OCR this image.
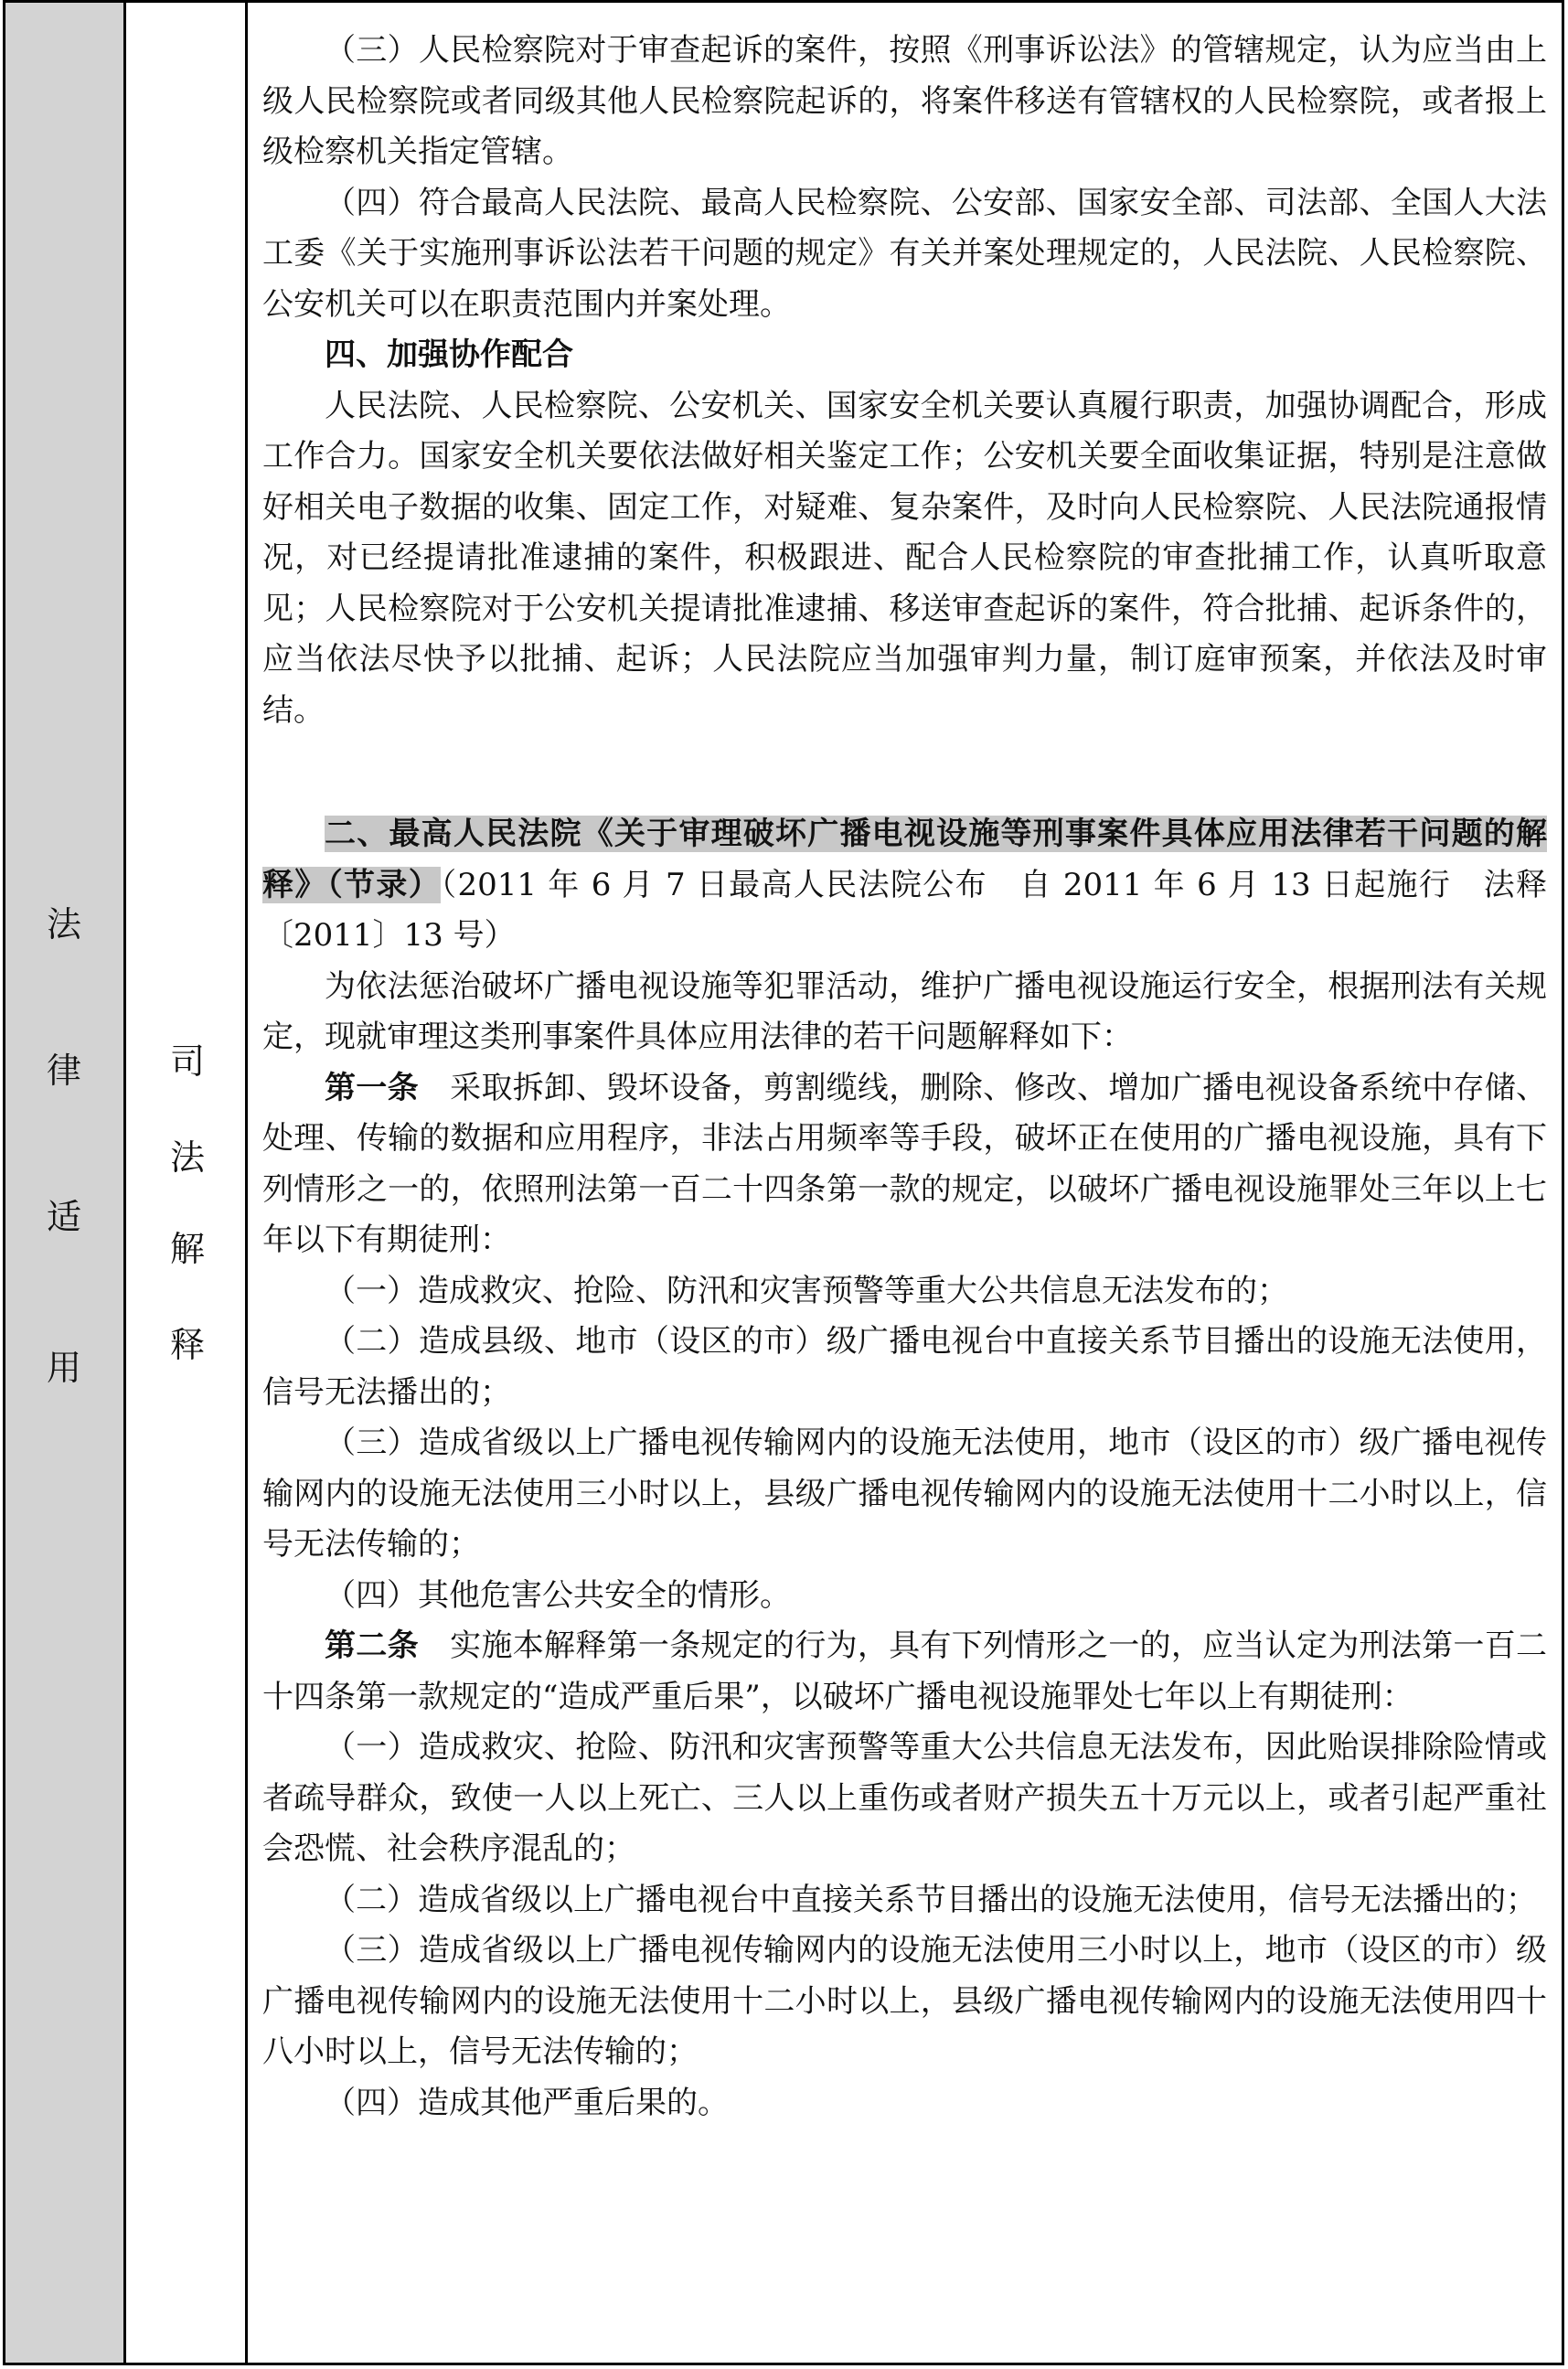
法
律
适
用
司
法
解
释

（三）人民检察院对于审查起诉的案件，按照《刑事诉讼法》的管辖规定，认为应当由上级人民检察院或者同级其他人民检察院起诉的，将案件移送有管辖权的人民检察院，或者报上级检察机关指定管辖。

（四）符合最高人民法院、最高人民检察院、公安部、国家安全部、司法部、全国人大法工委《关于实施刑事诉讼法若干问题的规定》有关并案处理规定的，人民法院、人民检察院、公安机关可以在职责范围内并案处理。

四、加强协作配合

人民法院、人民检察院、公安机关、国家安全机关要认真履行职责，加强协调配合，形成工作合力。国家安全机关要依法做好相关鉴定工作；公安机关要全面收集证据，特别是注意做好相关电子数据的收集、固定工作，对疑难、复杂案件，及时向人民检察院、人民法院通报情况，对已经提请批准逮捕的案件，积极跟进、配合人民检察院的审查批捕工作，认真听取意见；人民检察院对于公安机关提请批准逮捕、移送审查起诉的案件，符合批捕、起诉条件的，应当依法尽快予以批捕、起诉；人民法院应当加强审判力量，制订庭审预案，并依法及时审结。

二、最高人民法院《关于审理破坏广播电视设施等刑事案件具体应用法律若干问题的解释》（节录）（2011 年 6 月 7 日最高人民法院公布　自 2011 年 6 月 13 日起施行　法释〔2011〕13 号）

为依法惩治破坏广播电视设施等犯罪活动，维护广播电视设施运行安全，根据刑法有关规定，现就审理这类刑事案件具体应用法律的若干问题解释如下：

第一条　采取拆卸、毁坏设备，剪割缆线，删除、修改、增加广播电视设备系统中存储、处理、传输的数据和应用程序，非法占用频率等手段，破坏正在使用的广播电视设施，具有下列情形之一的，依照刑法第一百二十四条第一款的规定，以破坏广播电视设施罪处三年以上七年以下有期徒刑：

（一）造成救灾、抢险、防汛和灾害预警等重大公共信息无法发布的；

（二）造成县级、地市（设区的市）级广播电视台中直接关系节目播出的设施无法使用，信号无法播出的；

（三）造成省级以上广播电视传输网内的设施无法使用，地市（设区的市）级广播电视传输网内的设施无法使用三小时以上，县级广播电视传输网内的设施无法使用十二小时以上，信号无法传输的；

（四）其他危害公共安全的情形。

第二条　实施本解释第一条规定的行为，具有下列情形之一的，应当认定为刑法第一百二十四条第一款规定的“造成严重后果”，以破坏广播电视设施罪处七年以上有期徒刑：

（一）造成救灾、抢险、防汛和灾害预警等重大公共信息无法发布，因此贻误排除险情或者疏导群众，致使一人以上死亡、三人以上重伤或者财产损失五十万元以上，或者引起严重社会恐慌、社会秩序混乱的；

（二）造成省级以上广播电视台中直接关系节目播出的设施无法使用，信号无法播出的；

（三）造成省级以上广播电视传输网内的设施无法使用三小时以上，地市（设区的市）级广播电视传输网内的设施无法使用十二小时以上，县级广播电视传输网内的设施无法使用四十八小时以上，信号无法传输的；

（四）造成其他严重后果的。
